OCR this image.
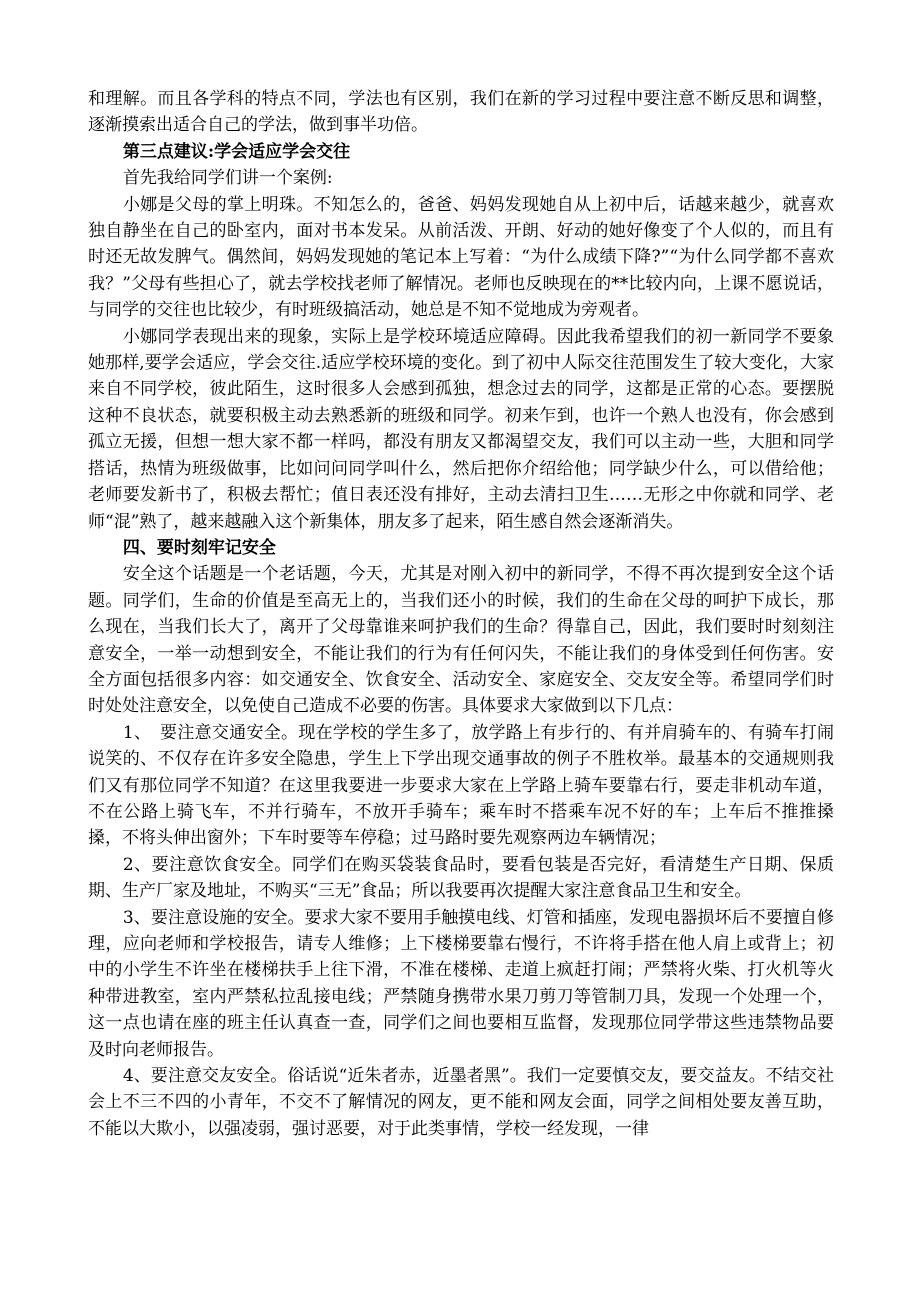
和理解。而且各学科的特点不同，学法也有区别，我们在新的学习过程中要注意不断反思和调整，逐渐摸索出适合自己的学法，做到事半功倍。

第三点建议:学会适应学会交往

首先我给同学们讲一个案例:

小娜是父母的掌上明珠。不知怎么的，爸爸、妈妈发现她自从上初中后，话越来越少，就喜欢独自静坐在自己的卧室内，面对书本发呆。从前活泼、开朗、好动的她好像变了个人似的，而且有时还无故发脾气。偶然间，妈妈发现她的笔记本上写着：“为什么成绩下降?”“为什么同学都不喜欢我？”父母有些担心了，就去学校找老师了解情况。老师也反映现在的**比较内向，上课不愿说话，与同学的交往也比较少，有时班级搞活动，她总是不知不觉地成为旁观者。

小娜同学表现出来的现象，实际上是学校环境适应障碍。因此我希望我们的初一新同学不要象她那样,要学会适应，学会交往.适应学校环境的变化。到了初中人际交往范围发生了较大变化，大家来自不同学校，彼此陌生，这时很多人会感到孤独，想念过去的同学，这都是正常的心态。要摆脱这种不良状态，就要积极主动去熟悉新的班级和同学。初来乍到，也许一个熟人也没有，你会感到孤立无援，但想一想大家不都一样吗，都没有朋友又都渴望交友，我们可以主动一些，大胆和同学搭话，热情为班级做事，比如问问同学叫什么，然后把你介绍给他；同学缺少什么，可以借给他；老师要发新书了，积极去帮忙；值日表还没有排好，主动去清扫卫生……无形之中你就和同学、老师“混”熟了，越来越融入这个新集体，朋友多了起来，陌生感自然会逐渐消失。

四、要时刻牢记安全

安全这个话题是一个老话题，今天，尤其是对刚入初中的新同学，不得不再次提到安全这个话题。同学们，生命的价值是至高无上的，当我们还小的时候，我们的生命在父母的呵护下成长，那么现在，当我们长大了，离开了父母靠谁来呵护我们的生命？得靠自己，因此，我们要时时刻刻注意安全，一举一动想到安全，不能让我们的行为有任何闪失，不能让我们的身体受到任何伤害。安全方面包括很多内容：如交通安全、饮食安全、活动安全、家庭安全、交友安全等。希望同学们时时处处注意安全，以免使自己造成不必要的伤害。具体要求大家做到以下几点：

1、　要注意交通安全。现在学校的学生多了，放学路上有步行的、有并肩骑车的、有骑车打闹说笑的、不仅存在许多安全隐患，学生上下学出现交通事故的例子不胜枚举。最基本的交通规则我们又有那位同学不知道？在这里我要进一步要求大家在上学路上骑车要靠右行，要走非机动车道，不在公路上骑飞车，不并行骑车，不放开手骑车；乘车时不搭乘车况不好的车；上车后不推推搡搡，不将头伸出窗外；下车时要等车停稳；过马路时要先观察两边车辆情况；

2、要注意饮食安全。同学们在购买袋装食品时，要看包装是否完好，看清楚生产日期、保质期、生产厂家及地址，不购买“三无”食品；所以我要再次提醒大家注意食品卫生和安全。

3、要注意设施的安全。要求大家不要用手触摸电线、灯管和插座，发现电器损坏后不要擅自修理，应向老师和学校报告，请专人维修；上下楼梯要靠右慢行，不许将手搭在他人肩上或背上；初中的小学生不许坐在楼梯扶手上往下滑，不准在楼梯、走道上疯赶打闹；严禁将火柴、打火机等火种带进教室，室内严禁私拉乱接电线；严禁随身携带水果刀剪刀等管制刀具，发现一个处理一个，这一点也请在座的班主任认真查一查，同学们之间也要相互监督，发现那位同学带这些违禁物品要及时向老师报告。

4、要注意交友安全。俗话说“近朱者赤，近墨者黑”。我们一定要慎交友，要交益友。不结交社会上不三不四的小青年，不交不了解情况的网友，更不能和网友会面，同学之间相处要友善互助，不能以大欺小，以强凌弱，强讨恶要，对于此类事情，学校一经发现，一律
